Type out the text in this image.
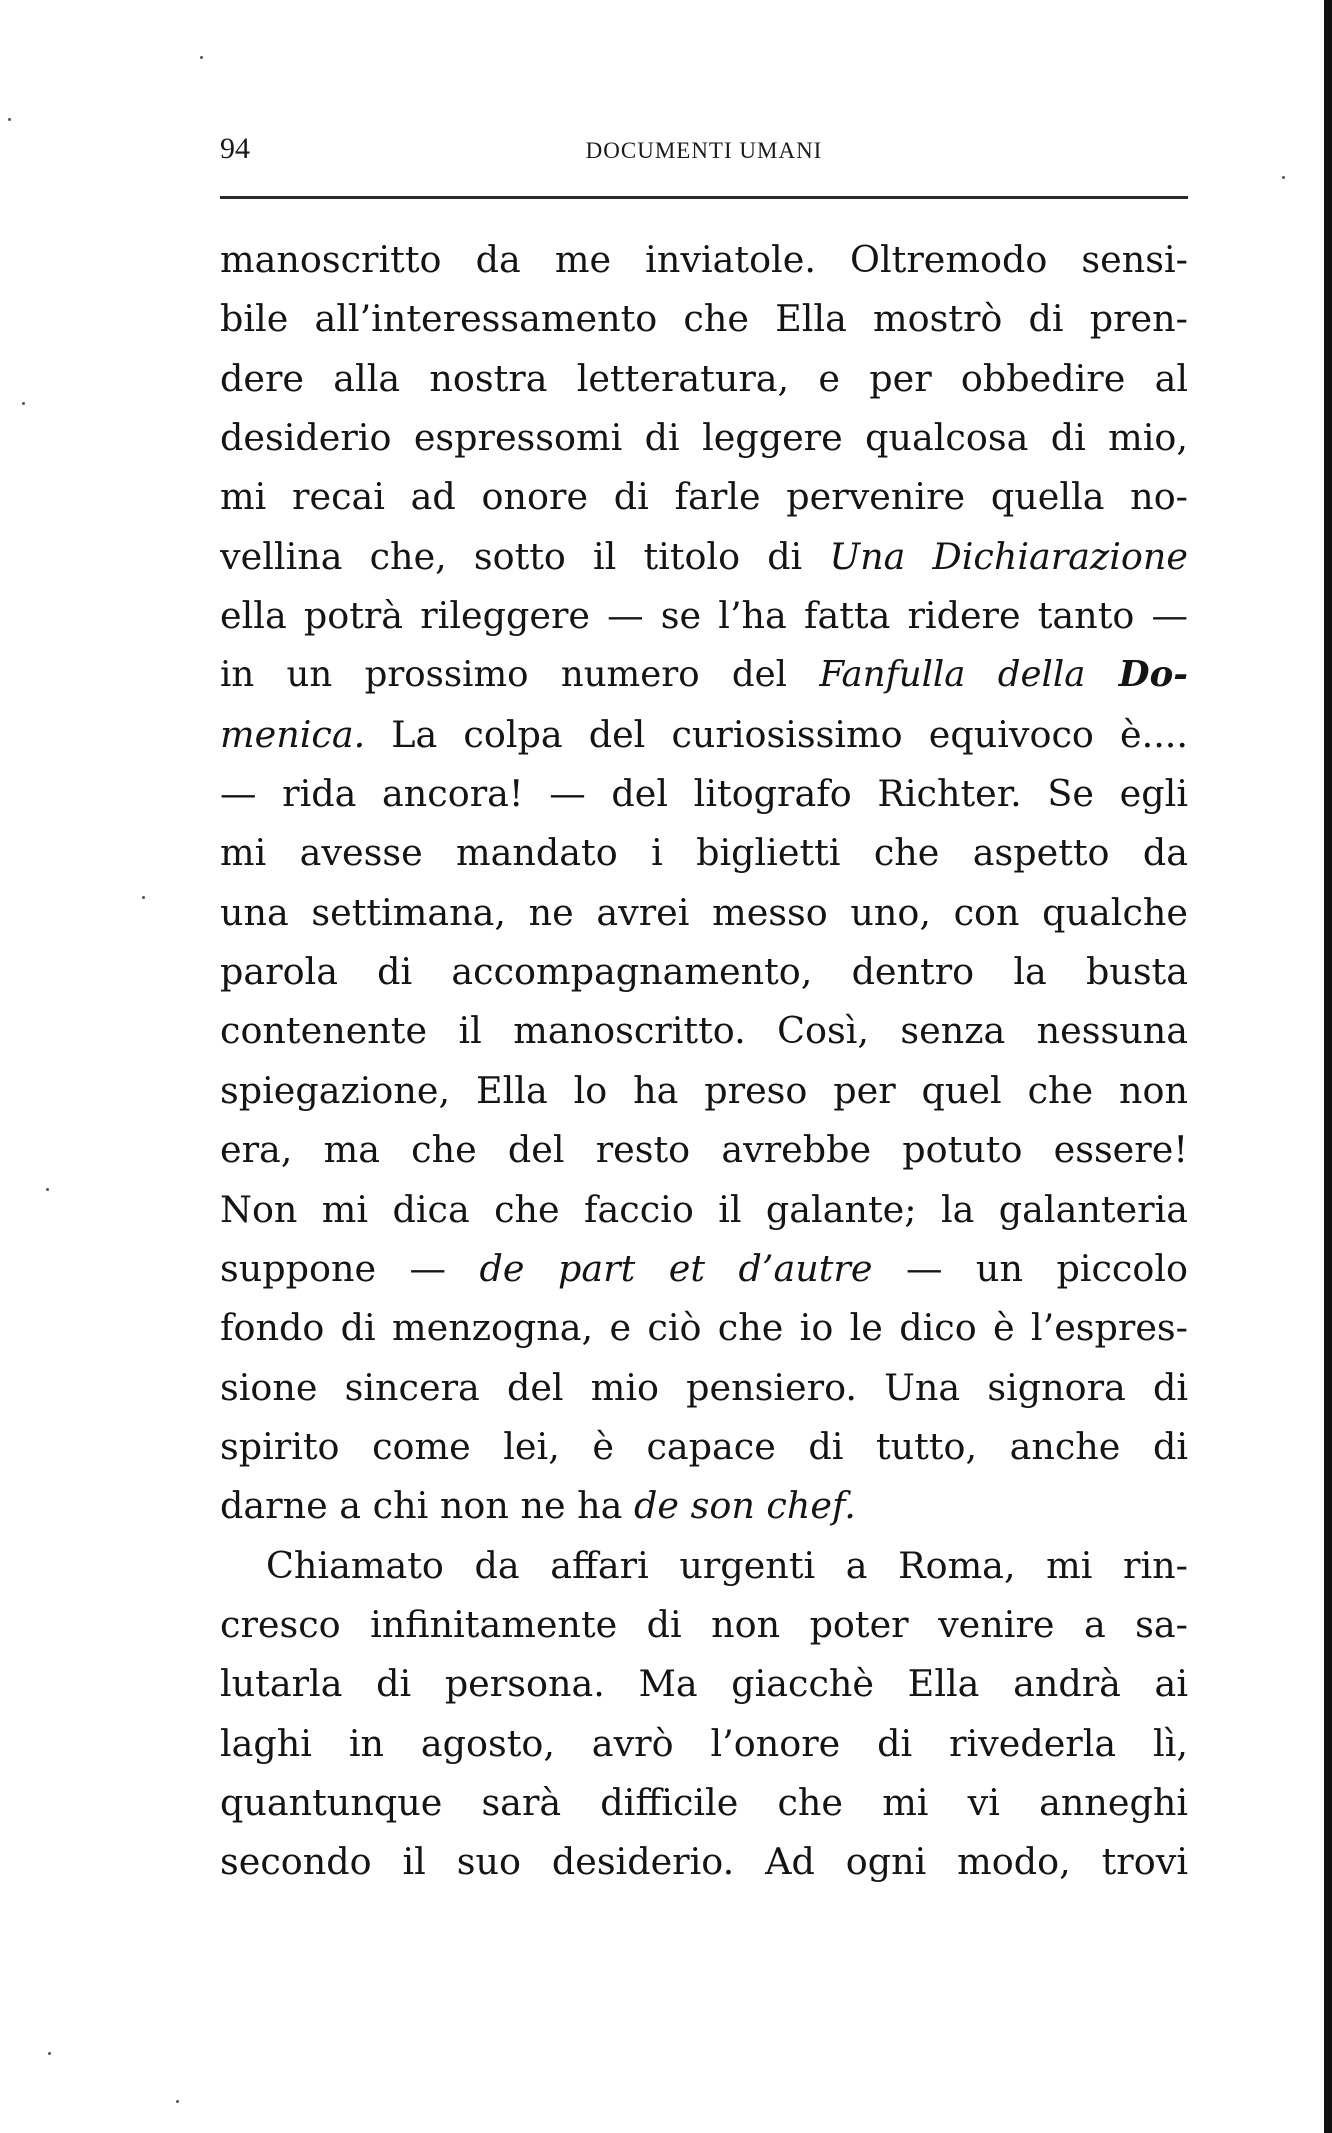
94	DOCUMENTI UMANI
manoscritto da me inviatole. Oltremodo sensi-
bile all’interessamento che Ella mostrò di pren-
dere alla nostra letteratura, e per obbedire al
desiderio espressomi di leggere qualcosa di mio,
mi recai ad onore di farle pervenire quella no-
vellina che, sotto il titolo di Una Dichiarazione
ella potrà rileggere — se l’ha fatta ridere tanto —
in un prossimo numero del Fanfulla della Do-
menica. La colpa del curiosissimo equivoco è....
— rida ancora! — del litografo Richter. Se egli
mi avesse mandato i biglietti che aspetto da
una settimana, ne avrei messo uno, con qualche
parola di accompagnamento, dentro la busta
contenente il manoscritto. Così, senza nessuna
spiegazione, Ella lo ha preso per quel che non
era, ma che del resto avrebbe potuto essere!
Non mi dica che faccio il galante; la galanteria
suppone — de part et d’autre — un piccolo
fondo di menzogna, e ciò che io le dico è l’espres-
sione sincera del mio pensiero. Una signora di
spirito come lei, è capace di tutto, anche di
darne a chi non ne ha de son chef.
Chiamato da affari urgenti a Roma, mi rin-
cresco infinitamente di non poter venire a sa-
lutarla di persona. Ma giacchè Ella andrà ai
laghi in agosto, avrò l’onore di rivederla lì,
quantunque sarà difficile che mi vi anneghi
secondo il suo desiderio. Ad ogni modo, trovi
